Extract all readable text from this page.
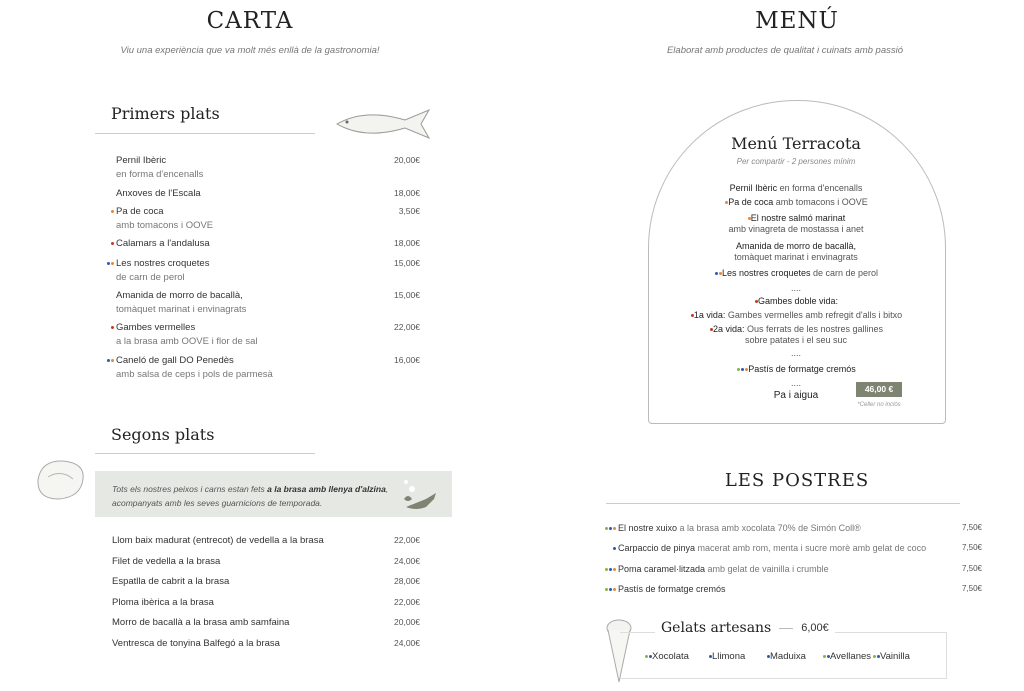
CARTA
Viu una experiència que va molt més enllà de la gastronomia!
Primers plats
Pernil Ibèric
en forma d'encenalls
20,00€
Anxoves de l'Escala	18,00€
Pa de coca
amb tomacons i OOVE
3,50€
Calamars a l'andalusa	18,00€
Les nostres croquetes
de carn de perol
15,00€
Amanida de morro de bacallà,
tomàquet marinat i envinagrats
15,00€
Gambes vermelles
a la brasa amb OOVE i flor de sal
22,00€
Caneló de gall DO Penedès
amb salsa de ceps i pols de parmesà
16,00€
Segons plats

Tots els nostres peixos i carns estan fets a la brasa amb llenya d'alzina, acompanyats amb les seves guarnicions de temporada.

Llom baix madurat (entrecot) de vedella a la brasa	22,00€
Filet de vedella a la brasa	24,00€
Espatlla de cabrit a la brasa	28,00€
Ploma ibèrica a la brasa	22,00€
Morro de bacallà a la brasa amb samfaina	20,00€
Ventresca de tonyina Balfegó a la brasa	24,00€
MENÚ
Elaborat amb productes de qualitat i cuinats amb passió
Menú Terracota
Per compartir - 2 persones mínim
Pernil Ibèric en forma d'encenalls
Pa de coca amb tomacons i OOVE
El nostre salmó marinat
amb vinagreta de mostassa i anet
Amanida de morro de bacallà,
tomàquet marinat i envinagrats
Les nostres croquetes de carn de perol
....
Gambes doble vida:
1a vida: Gambes vermelles amb refregit d'alls i bitxo
2a vida: Ous ferrats de les nostres gallines
sobre patates i el seu suc
....
Pastís de formatge cremós
....
Pa i aigua
46,00 €
*Celler no inclòs
LES POSTRES
El nostre xuixo a la brasa amb xocolata 70% de Simón Coll®	7,50€
Carpaccio de pinya macerat amb rom, menta i sucre morè amb gelat de coco	7,50€
Poma caramel·litzada amb gelat de vainilla i crumble	7,50€
Pastís de formatge cremós	7,50€
Gelats artesans	6,00€
Xocolata	Llimona	Maduixa	Avellanes Vainilla
